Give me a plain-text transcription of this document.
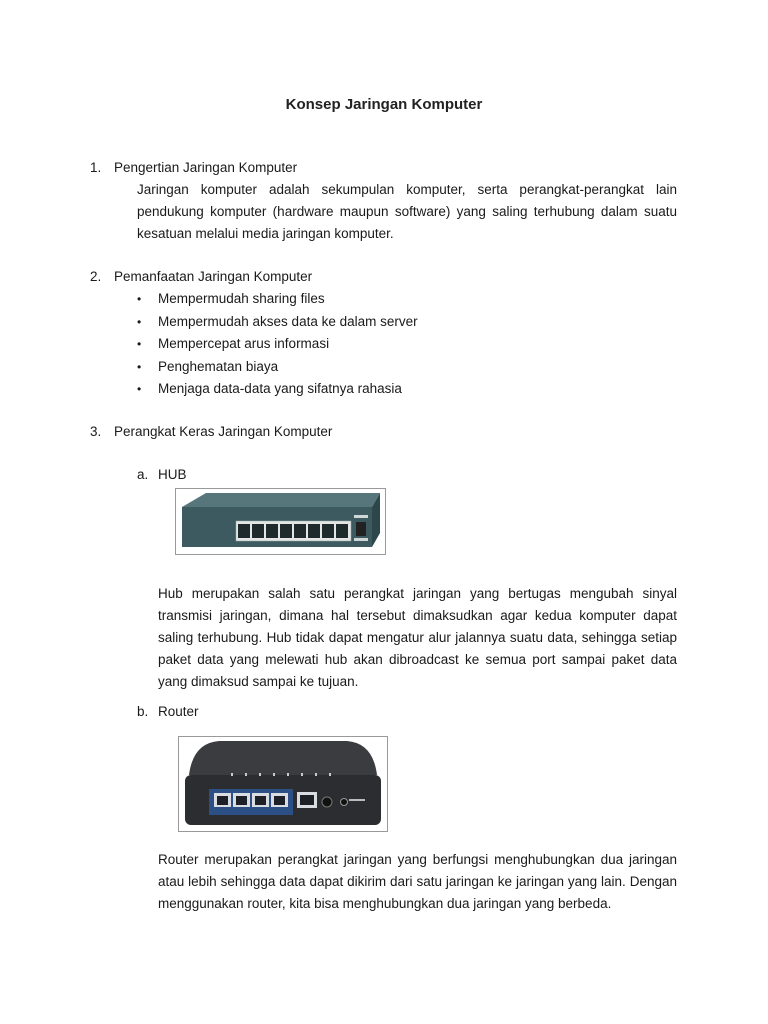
Konsep Jaringan Komputer
1. Pengertian Jaringan Komputer
Jaringan komputer adalah sekumpulan komputer, serta perangkat-perangkat lain pendukung komputer (hardware maupun software) yang saling terhubung dalam suatu kesatuan melalui media jaringan komputer.
2. Pemanfaatan Jaringan Komputer
• Mempermudah sharing files
• Mempermudah akses data ke dalam server
• Mempercepat arus informasi
• Penghematan biaya
• Menjaga data-data yang sifatnya rahasia
3. Perangkat Keras Jaringan Komputer
a. HUB
Hub merupakan salah satu perangkat jaringan yang bertugas mengubah sinyal transmisi jaringan, dimana hal tersebut dimaksudkan agar kedua komputer dapat saling terhubung. Hub tidak dapat mengatur alur jalannya suatu data, sehingga setiap paket data yang melewati hub akan dibroadcast ke semua port sampai paket data yang dimaksud sampai ke tujuan.
b. Router
Router merupakan perangkat jaringan yang berfungsi menghubungkan dua jaringan atau lebih sehingga data dapat dikirim dari satu jaringan ke jaringan yang lain. Dengan menggunakan router, kita bisa menghubungkan dua jaringan yang berbeda.
